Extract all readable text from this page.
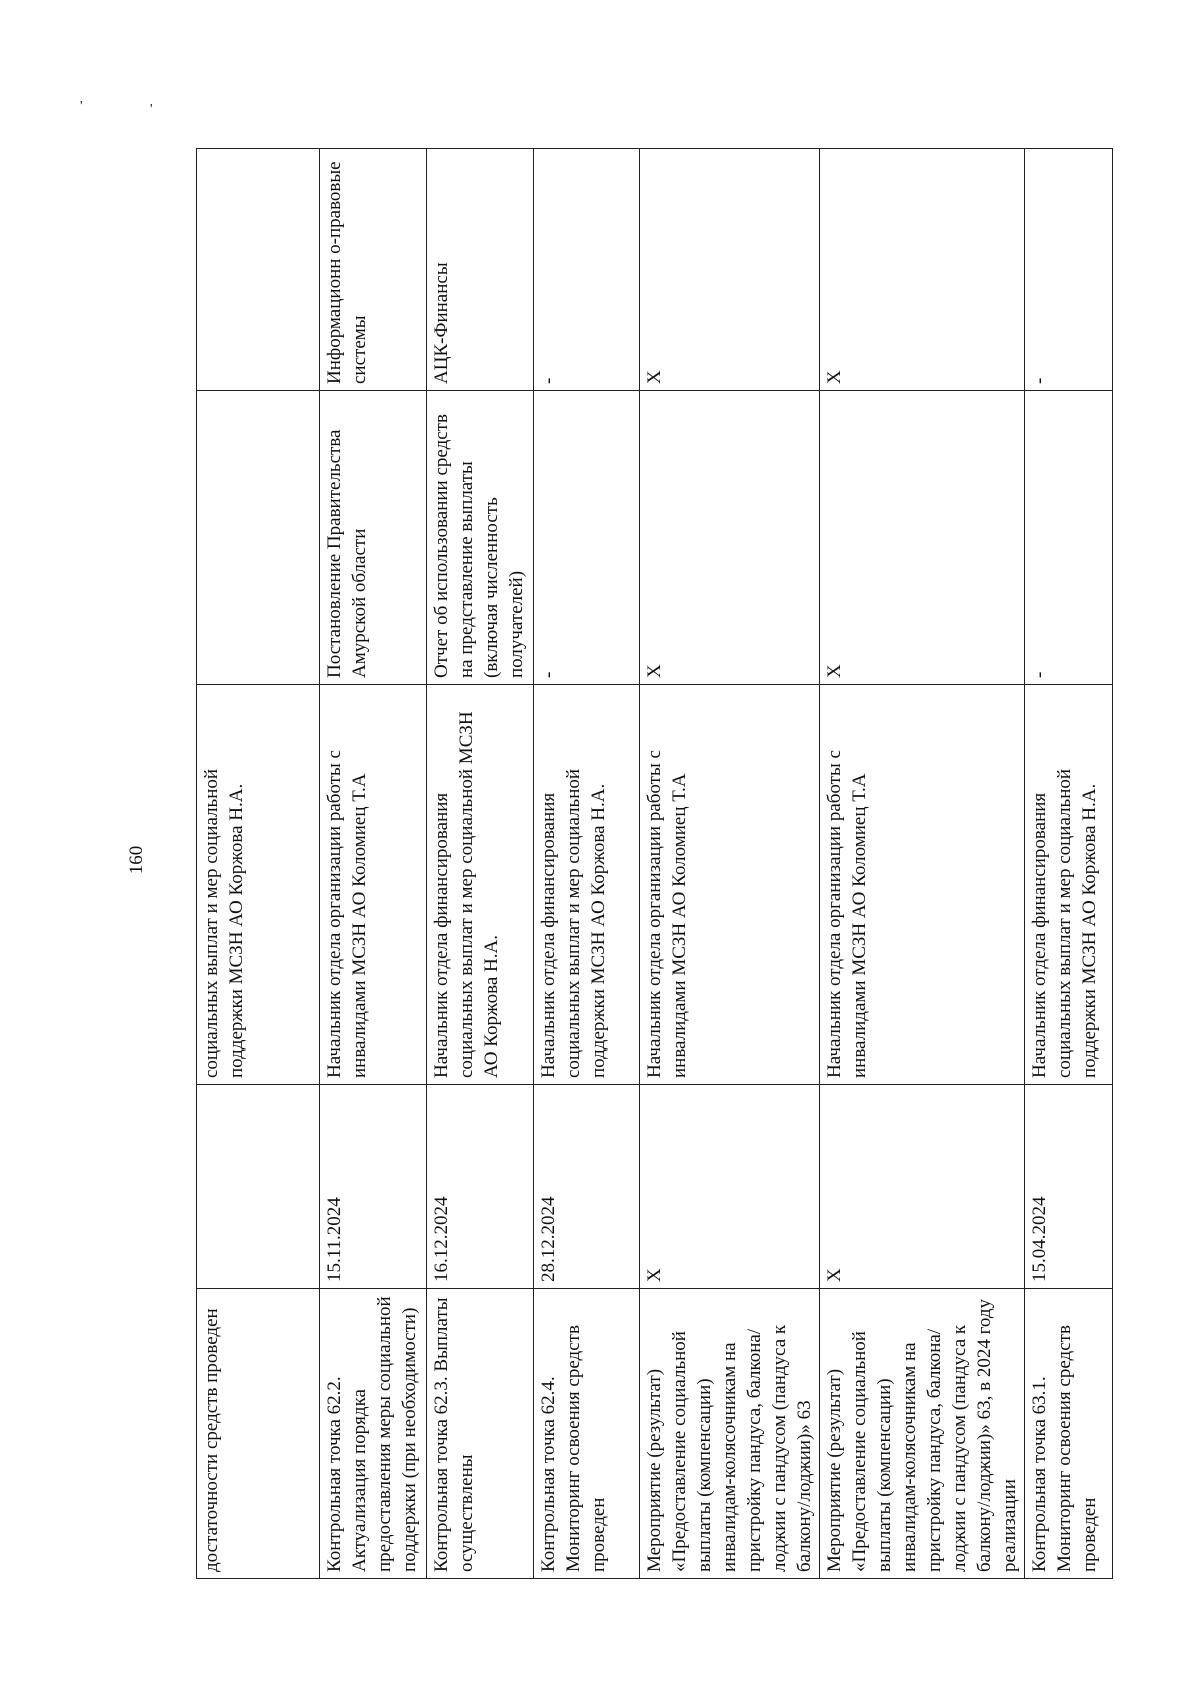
'	'
160
достаточности средств проведен		социальных выплат и мер социальной поддержки МСЗН АО Коржова Н.А.		
Контрольная точка 62.2. Актуализация порядка предоставления меры социальной поддержки (при необходимости)	15.11.2024	Начальник отдела организации работы с инвалидами МСЗН АО Коломиец Т.А	Постановление Правительства Амурской области	Информационн о-правовые системы
Контрольная точка 62.3. Выплаты осуществлены	16.12.2024	Начальник отдела финансирования социальных выплат и мер социальной МСЗН АО Коржова Н.А.	Отчет об использовании средств на представление выплаты (включая численность получателей)	АЦК-Финансы
Контрольная точка 62.4. Мониторинг освоения средств проведен	28.12.2024	Начальник отдела финансирования социальных выплат и мер социальной поддержки МСЗН АО Коржова Н.А.	-	-
Мероприятие (результат) «Предоставление социальной выплаты (компенсации) инвалидам-колясочникам на пристройку пандуса, балкона/лоджии с пандусом (пандуса к балкону/лоджии)» 63	Х	Начальник отдела организации работы с инвалидами МСЗН АО Коломиец Т.А	Х	Х
Мероприятие (результат) «Предоставление социальной выплаты (компенсации) инвалидам-колясочникам на пристройку пандуса, балкона/лоджии с пандусом (пандуса к балкону/лоджии)» 63, в 2024 году реализации	Х	Начальник отдела организации работы с инвалидами МСЗН АО Коломиец Т.А	Х	Х
Контрольная точка 63.1. Мониторинг освоения средств проведен	15.04.2024	Начальник отдела финансирования социальных выплат и мер социальной поддержки МСЗН АО Коржова Н.А.	-	-
